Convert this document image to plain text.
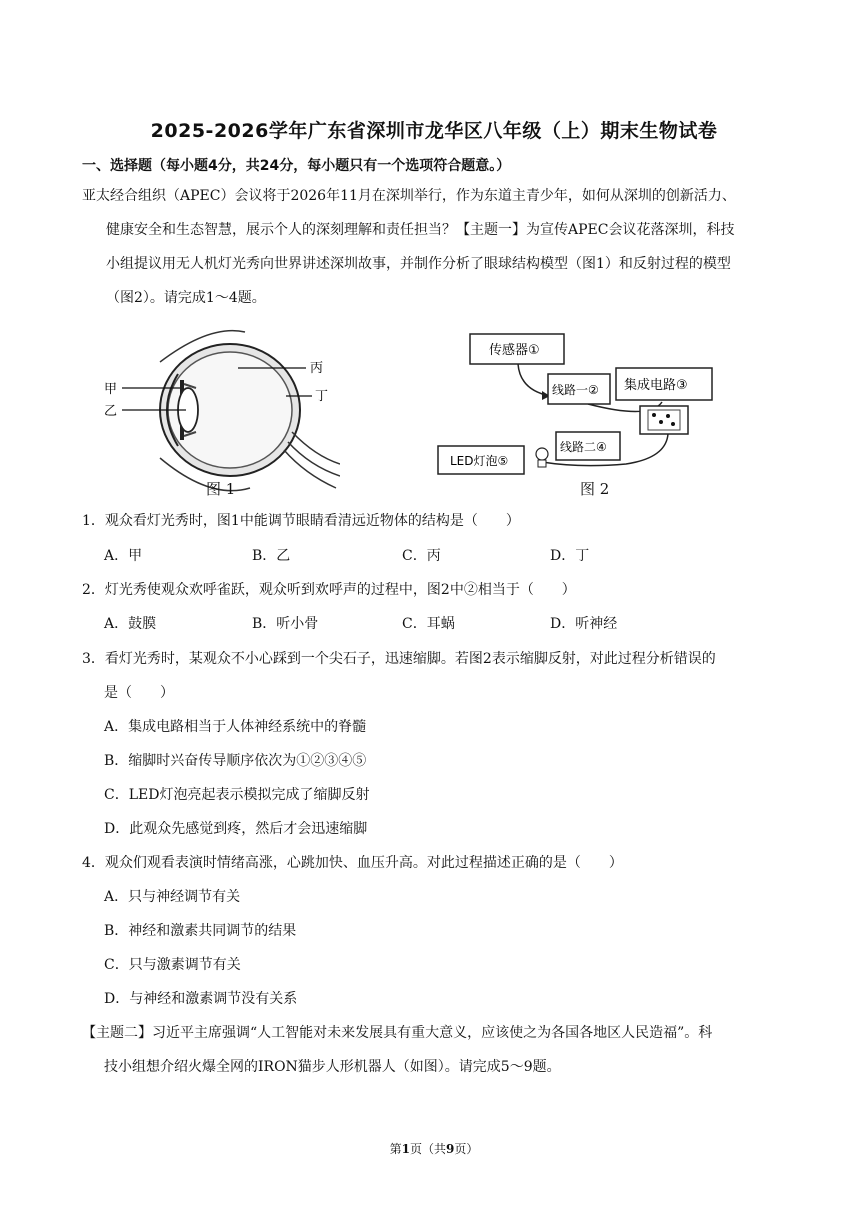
2025-2026学年广东省深圳市龙华区八年级（上）期末生物试卷
一、选择题（每小题4分，共24分，每小题只有一个选项符合题意。）
亚太经合组织（APEC）会议将于2026年11月在深圳举行，作为东道主青少年，如何从深圳的创新活力、
健康安全和生态智慧，展示个人的深刻理解和责任担当？【主题一】为宣传APEC会议花落深圳，科技
小组提议用无人机灯光秀向世界讲述深圳故事，并制作分析了眼球结构模型（图1）和反射过程的模型
（图2）。请完成1～4题。
甲
乙
丙
丁
图 1
传感器①
线路一② 集成电路③
线路二④
LED灯泡⑤
图 2
1．观众看灯光秀时，图1中能调节眼睛看清远近物体的结构是（　　）
A．甲	B．乙	C．丙	D．丁
2．灯光秀使观众欢呼雀跃，观众听到欢呼声的过程中，图2中②相当于（　　）
A．鼓膜	B．听小骨	C．耳蜗	D．听神经
3．看灯光秀时，某观众不小心踩到一个尖石子，迅速缩脚。若图2表示缩脚反射，对此过程分析错误的
是（　　）
A．集成电路相当于人体神经系统中的脊髓
B．缩脚时兴奋传导顺序依次为①②③④⑤
C．LED灯泡亮起表示模拟完成了缩脚反射
D．此观众先感觉到疼，然后才会迅速缩脚
4．观众们观看表演时情绪高涨，心跳加快、血压升高。对此过程描述正确的是（　　）
A．只与神经调节有关
B．神经和激素共同调节的结果
C．只与激素调节有关
D．与神经和激素调节没有关系
【主题二】习近平主席强调“人工智能对未来发展具有重大意义，应该使之为各国各地区人民造福”。科
技小组想介绍火爆全网的IRON猫步人形机器人（如图）。请完成5～9题。
第1页（共9页）
